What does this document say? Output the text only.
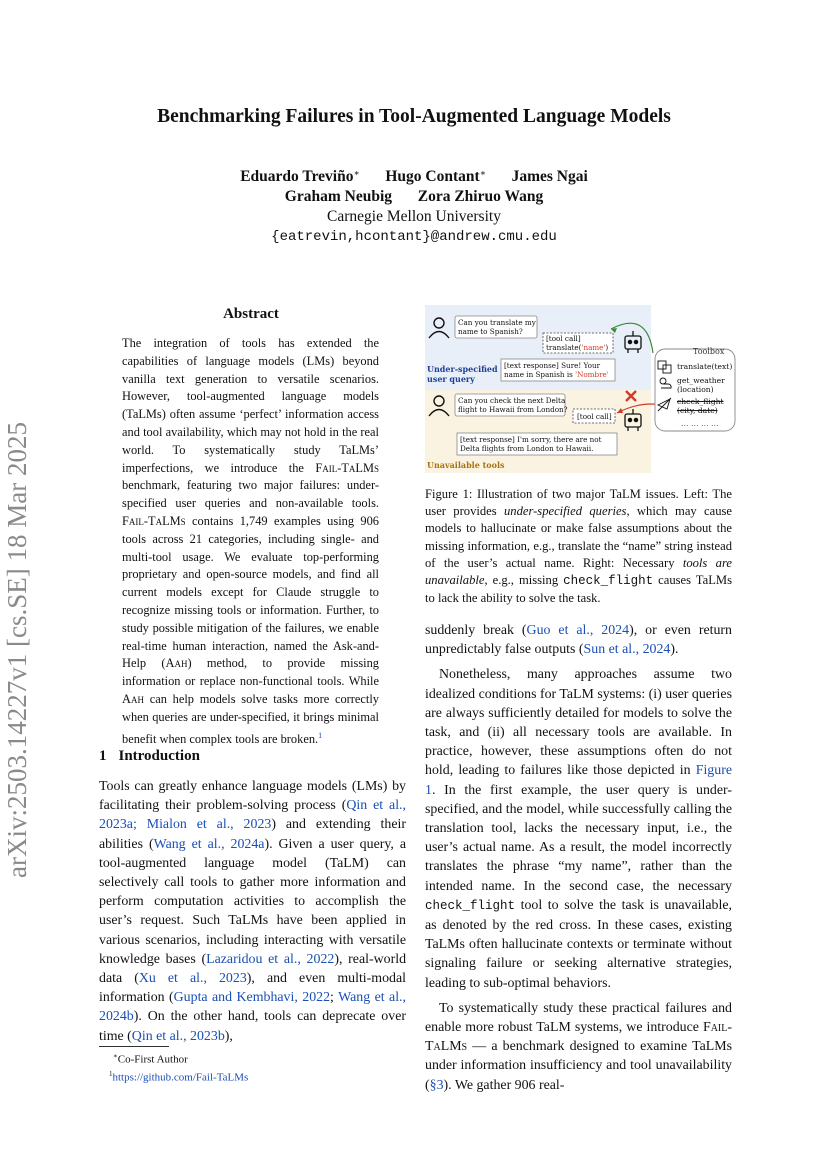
arXiv:2503.14227v1 [cs.SE] 18 Mar 2025
Benchmarking Failures in Tool-Augmented Language Models
Eduardo Treviño∗ Hugo Contant∗ James Ngai
Graham Neubig Zora Zhiruo Wang
Carnegie Mellon University
{eatrevin,hcontant}@andrew.cmu.edu
Abstract
The integration of tools has extended the capabilities of language models (LMs) beyond vanilla text generation to versatile scenarios. However, tool-augmented language models (TaLMs) often assume ‘perfect’ information access and tool availability, which may not hold in the real world. To systematically study TaLMs’ imperfections, we introduce the Fail-TaLMs benchmark, featuring two major failures: under-specified user queries and non-available tools. Fail-TaLMs contains 1,749 examples using 906 tools across 21 categories, including single- and multi-tool usage. We evaluate top-performing proprietary and open-source models, and find all current models except for Claude struggle to recognize missing tools or information. Further, to study possible mitigation of the failures, we enable real-time human interaction, named the Ask-and-Help (Aah) method, to provide missing information or replace non-functional tools. While Aah can help models solve tasks more correctly when queries are under-specified, it brings minimal benefit when complex tools are broken.$^1$
1 Introduction
Tools can greatly enhance language models (LMs) by facilitating their problem-solving process (Qin et al., 2023a; Mialon et al., 2023) and extending their abilities (Wang et al., 2024a). Given a user query, a tool-augmented language model (TaLM) can selectively call tools to gather more information and perform computation activities to accomplish the user’s request. Such TaLMs have been applied in various scenarios, including interacting with versatile knowledge bases (Lazaridou et al., 2022), real-world data (Xu et al., 2023), and even multi-modal information (Gupta and Kembhavi, 2022; Wang et al., 2024b). On the other hand, tools can deprecate over time (Qin et al., 2023b),
∗Co-First Author
$^1$https://github.com/Fail-TaLMs
Can you translate my name to Spanish?
[tool call] translate('name')
Under-specified user query
[text response] Sure! Your name in Spanish is 'Nombre'
Can you check the next Delta flight to Hawaii from London?
[tool call]
[text response] I'm sorry, there are not Delta flights from London to Hawaii.
Unavailable tools
Toolbox
translate(text)
get_weather (location)
check_flight (city, date)
… … … …
Figure 1: Illustration of two major TaLM issues. Left: The user provides under-specified queries, which may cause models to hallucinate or make false assumptions about the missing information, e.g., translate the “name” string instead of the user’s actual name. Right: Necessary tools are unavailable, e.g., missing check_flight causes TaLMs to lack the ability to solve the task.

suddenly break (Guo et al., 2024), or even return unpredictably false outputs (Sun et al., 2024).

Nonetheless, many approaches assume two idealized conditions for TaLM systems: (i) user queries are always sufficiently detailed for models to solve the task, and (ii) all necessary tools are available. In practice, however, these assumptions often do not hold, leading to failures like those depicted in Figure 1. In the first example, the user query is under-specified, and the model, while successfully calling the translation tool, lacks the necessary input, i.e., the user’s actual name. As a result, the model incorrectly translates the phrase “my name”, rather than the intended name. In the second case, the necessary check_flight tool to solve the task is unavailable, as denoted by the red cross. In these cases, existing TaLMs often hallucinate contexts or terminate without signaling failure or seeking alternative strategies, leading to sub-optimal behaviors.

To systematically study these practical failures and enable more robust TaLM systems, we introduce Fail-TaLMs — a benchmark designed to examine TaLMs under information insufficiency and tool unavailability (§3). We gather 906 real-
